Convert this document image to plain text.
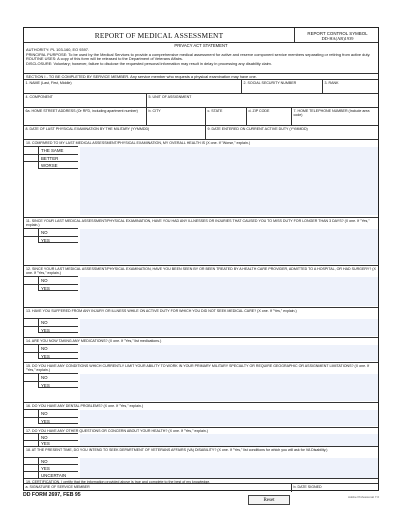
REPORT OF MEDICAL ASSESSMENT	REPORT CONTROL SYMBOL
DD-HA(AR)1939
PRIVACY ACT STATEMENT
AUTHORITY: PL 103-160, EO 9397.
PRINCIPAL PURPOSE: To be used by the Medical Services to provide a comprehensive medical assessment for active and reserve component service members separating or retiring from active duty.
ROUTINE USES: A copy of this form will be released to the Department of Veterans Affairs.
DISCLOSURE: Voluntary; however, failure to disclose the requested personal information may result in delay in processing any disability claim.
SECTION I - TO BE COMPLETED BY SERVICE MEMBER. Any service member who requests a physical examination may have one.
1. NAME (Last, First, Middle)	2. SOCIAL SECURITY NUMBER	3. RANK
4. COMPONENT	5. UNIT OF ASSIGNMENT
6a. HOME STREET ADDRESS (Or RFD, including apartment number)	b. CITY	c. STATE	d. ZIP CODE	7. HOME TELEPHONE NUMBER (Include area code)
8. DATE OF LAST PHYSICAL EXAMINATION BY THE MILITARY (YYMMDD)	9. DATE ENTERED ON CURRENT ACTIVE DUTY (YYMMDD)
10. COMPARED TO MY LAST MEDICAL ASSESSMENT/PHYSICAL EXAMINATION, MY OVERALL HEALTH IS (X one. If "Worse," explain.)
THE SAME
BETTER
WORSE
11. SINCE YOUR LAST MEDICAL ASSESSMENT/PHYSICAL EXAMINATION, HAVE YOU HAD ANY ILLNESSES OR INJURIES THAT CAUSED YOU TO MISS DUTY FOR LONGER THAN 3 DAYS? (X one. If "Yes," explain.)
NO
YES
12. SINCE YOUR LAST MEDICAL ASSESSMENT/PHYSICAL EXAMINATION, HAVE YOU BEEN SEEN BY OR BEEN TREATED BY A HEALTH CARE PROVIDER, ADMITTED TO A HOSPITAL, OR HAD SURGERY? (X one. If "Yes," explain.)
NO
YES
13. HAVE YOU SUFFERED FROM ANY INJURY OR ILLNESS WHILE ON ACTIVE DUTY FOR WHICH YOU DID NOT SEEK MEDICAL CARE? (X one. If "Yes," explain.)
NO
YES
14. ARE YOU NOW TAKING ANY MEDICATIONS? (X one. If "Yes," list medications.)
NO
YES
15. DO YOU HAVE ANY CONDITIONS WHICH CURRENTLY LIMIT YOUR ABILITY TO WORK IN YOUR PRIMARY MILITARY SPECIALTY OR REQUIRE GEOGRAPHIC OR ASSIGNMENT LIMITATIONS? (X one. If "Yes," explain.)
NO
YES
16. DO YOU HAVE ANY DENTAL PROBLEMS? (X one. If "Yes," explain.)
NO
YES
17. DO YOU HAVE ANY OTHER QUESTIONS OR CONCERN ABOUT YOUR HEALTH? (X one. If "Yes," explain.)
NO
YES
18. AT THE PRESENT TIME, DO YOU INTEND TO SEEK DEPARTMENT OF VETERANS AFFAIRS (VA) DISABILITY? (X one. If "Yes," list conditions for which you will ask for VA Disability.)
NO
YES
UNCERTAIN
19. CERTIFICATION. I certify that the information provided above is true and complete to the best of my knowledge.
a. SIGNATURE OF SERVICE MEMBER	b. DATE SIGNED
DD FORM 2697, FEB 95
Reset
Adobe Professional 7.0
